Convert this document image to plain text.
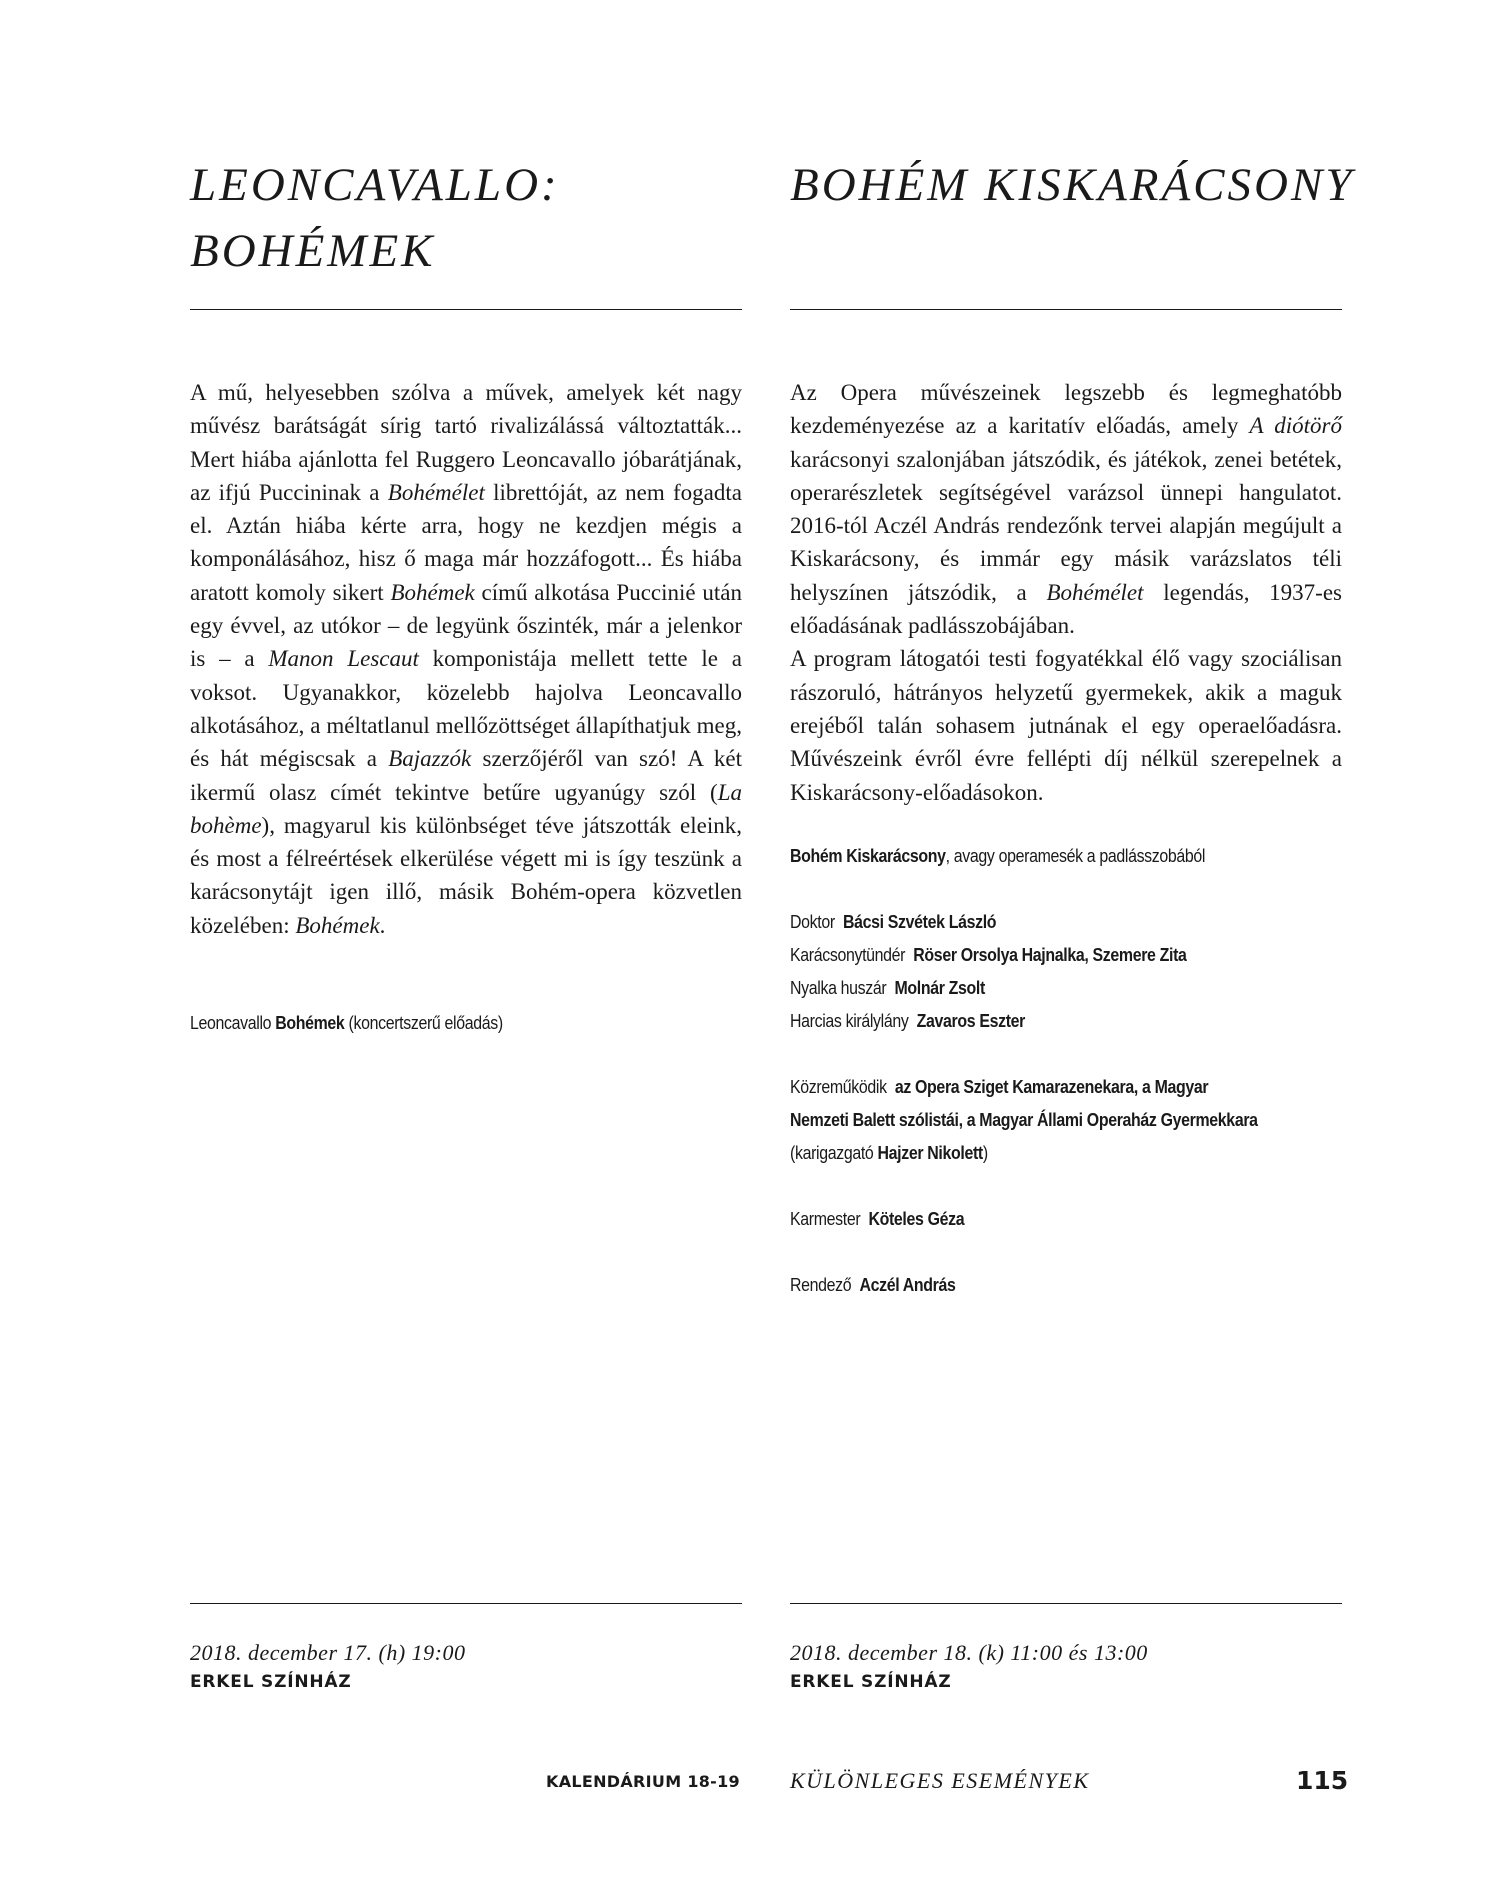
LEONCAVALLO:
BOHÉMEK

A mű, helyesebben szólva a művek, amelyek két nagy művész barátságát sírig tartó rivalizálássá változtatták... Mert hiába ajánlotta fel Ruggero Leoncavallo jóbarátjának, az ifjú Puccininak a Bohémélet librettóját, az nem fogadta el. Aztán hiába kérte arra, hogy ne kezdjen mégis a komponálásához, hisz ő maga már hozzáfogott... És hiába aratott komoly sikert Bohémek című alkotása Puccinié után egy évvel, az utókor – de legyünk őszinték, már a jelenkor is – a Manon Lescaut komponistája mellett tette le a voksot. Ugyanakkor, közelebb hajolva Leoncavallo alkotásához, a méltatlanul mellőzöttséget állapíthatjuk meg, és hát mégiscsak a Bajazzók szerzőjéről van szó! A két ikermű olasz címét tekintve betűre ugyanúgy szól (La bohème), magyarul kis különbséget téve játszották eleink, és most a félreértések elkerülése végett mi is így teszünk a karácsonytájt igen illő, másik Bohém-opera közvetlen közelében: Bohémek.

Leoncavallo Bohémek (koncertszerű előadás)

2018. december 17. (h) 19:00

ERKEL SZÍNHÁZ

BOHÉM KISKARÁCSONY

Az Opera művészeinek legszebb és legmeghatóbb kezdeményezése az a karitatív előadás, amely A diótörő karácsonyi szalonjában játszódik, és játékok, zenei betétek, operarészletek segítségével varázsol ünnepi hangulatot. 2016-tól Aczél András rendezőnk tervei alapján megújult a Kiskarácsony, és immár egy másik varázslatos téli helyszínen játszódik, a Bohémélet legendás, 1937-es előadásának padlásszobájában.

A program látogatói testi fogyatékkal élő vagy szociálisan rászoruló, hátrányos helyzetű gyermekek, akik a maguk erejéből talán sohasem jutnának el egy operaelőadásra. Művészeink évről évre fellépti díj nélkül szerepelnek a Kiskarácsony-előadásokon.

Bohém Kiskarácsony, avagy operamesék a padlásszobából
Doktor Bácsi Szvétek László
Karácsonytündér Röser Orsolya Hajnalka, Szemere Zita
Nyalka huszár Molnár Zsolt
Harcias királylány Zavaros Eszter
Közreműködik az Opera Sziget Kamarazenekara, a Magyar
Nemzeti Balett szólistái, a Magyar Állami Operaház Gyermekkara
(karigazgató Hajzer Nikolett)
Karmester Köteles Géza
Rendező Aczél András

2018. december 18. (k) 11:00 és 13:00

ERKEL SZÍNHÁZ

KALENDÁRIUM 18-19 KÜLÖNLEGES ESEMÉNYEK	115
